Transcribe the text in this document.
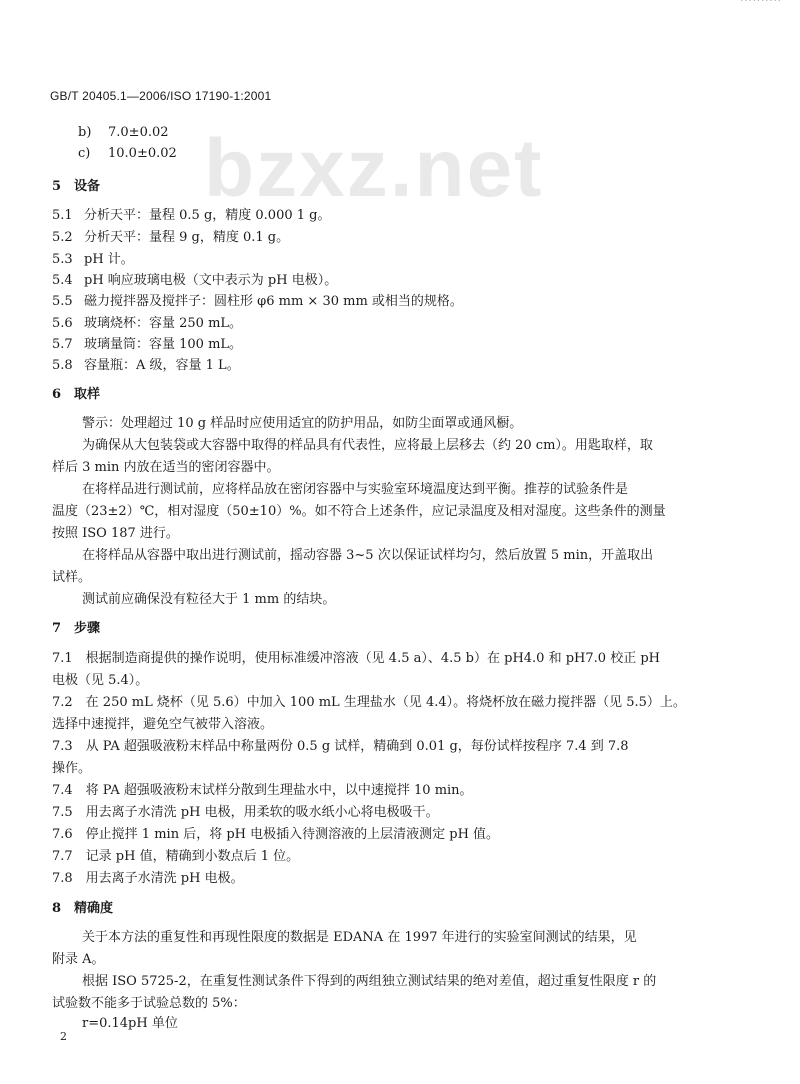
··········
bzxz.net
GB/T 20405.1—2006/ISO 17190-1:2001
b) 7.0±0.02
c) 10.0±0.02
5 设备
5.1 分析天平：量程 0.5 g，精度 0.000 1 g。
5.2 分析天平：量程 9 g，精度 0.1 g。
5.3 pH 计。
5.4 pH 响应玻璃电极（文中表示为 pH 电极）。
5.5 磁力搅拌器及搅拌子：圆柱形 φ6 mm × 30 mm 或相当的规格。
5.6 玻璃烧杯：容量 250 mL。
5.7 玻璃量筒：容量 100 mL。
5.8 容量瓶：A 级，容量 1 L。
6 取样
警示：处理超过 10 g 样品时应使用适宜的防护用品，如防尘面罩或通风橱。
为确保从大包装袋或大容器中取得的样品具有代表性，应将最上层移去（约 20 cm）。用匙取样，取
样后 3 min 内放在适当的密闭容器中。
在将样品进行测试前，应将样品放在密闭容器中与实验室环境温度达到平衡。推荐的试验条件是
温度（23±2）℃，相对湿度（50±10）%。如不符合上述条件，应记录温度及相对湿度。这些条件的测量
按照 ISO 187 进行。
在将样品从容器中取出进行测试前，摇动容器 3~5 次以保证试样均匀，然后放置 5 min，开盖取出
试样。
测试前应确保没有粒径大于 1 mm 的结块。
7 步骤
7.1　根据制造商提供的操作说明，使用标准缓冲溶液（见 4.5 a）、4.5 b）在 pH4.0 和 pH7.0 校正 pH
电极（见 5.4）。
7.2　在 250 mL 烧杯（见 5.6）中加入 100 mL 生理盐水（见 4.4）。将烧杯放在磁力搅拌器（见 5.5）上。
选择中速搅拌，避免空气被带入溶液。
7.3　从 PA 超强吸液粉末样品中称量两份 0.5 g 试样，精确到 0.01 g，每份试样按程序 7.4 到 7.8
操作。
7.4　将 PA 超强吸液粉末试样分散到生理盐水中，以中速搅拌 10 min。
7.5　用去离子水清洗 pH 电极，用柔软的吸水纸小心将电极吸干。
7.6　停止搅拌 1 min 后，将 pH 电极插入待测溶液的上层清液测定 pH 值。
7.7　记录 pH 值，精确到小数点后 1 位。
7.8　用去离子水清洗 pH 电极。
8 精确度
关于本方法的重复性和再现性限度的数据是 EDANA 在 1997 年进行的实验室间测试的结果，见
附录 A。
根据 ISO 5725-2，在重复性测试条件下得到的两组独立测试结果的绝对差值，超过重复性限度 r 的
试验数不能多于试验总数的 5%：
r=0.14pH 单位
2
